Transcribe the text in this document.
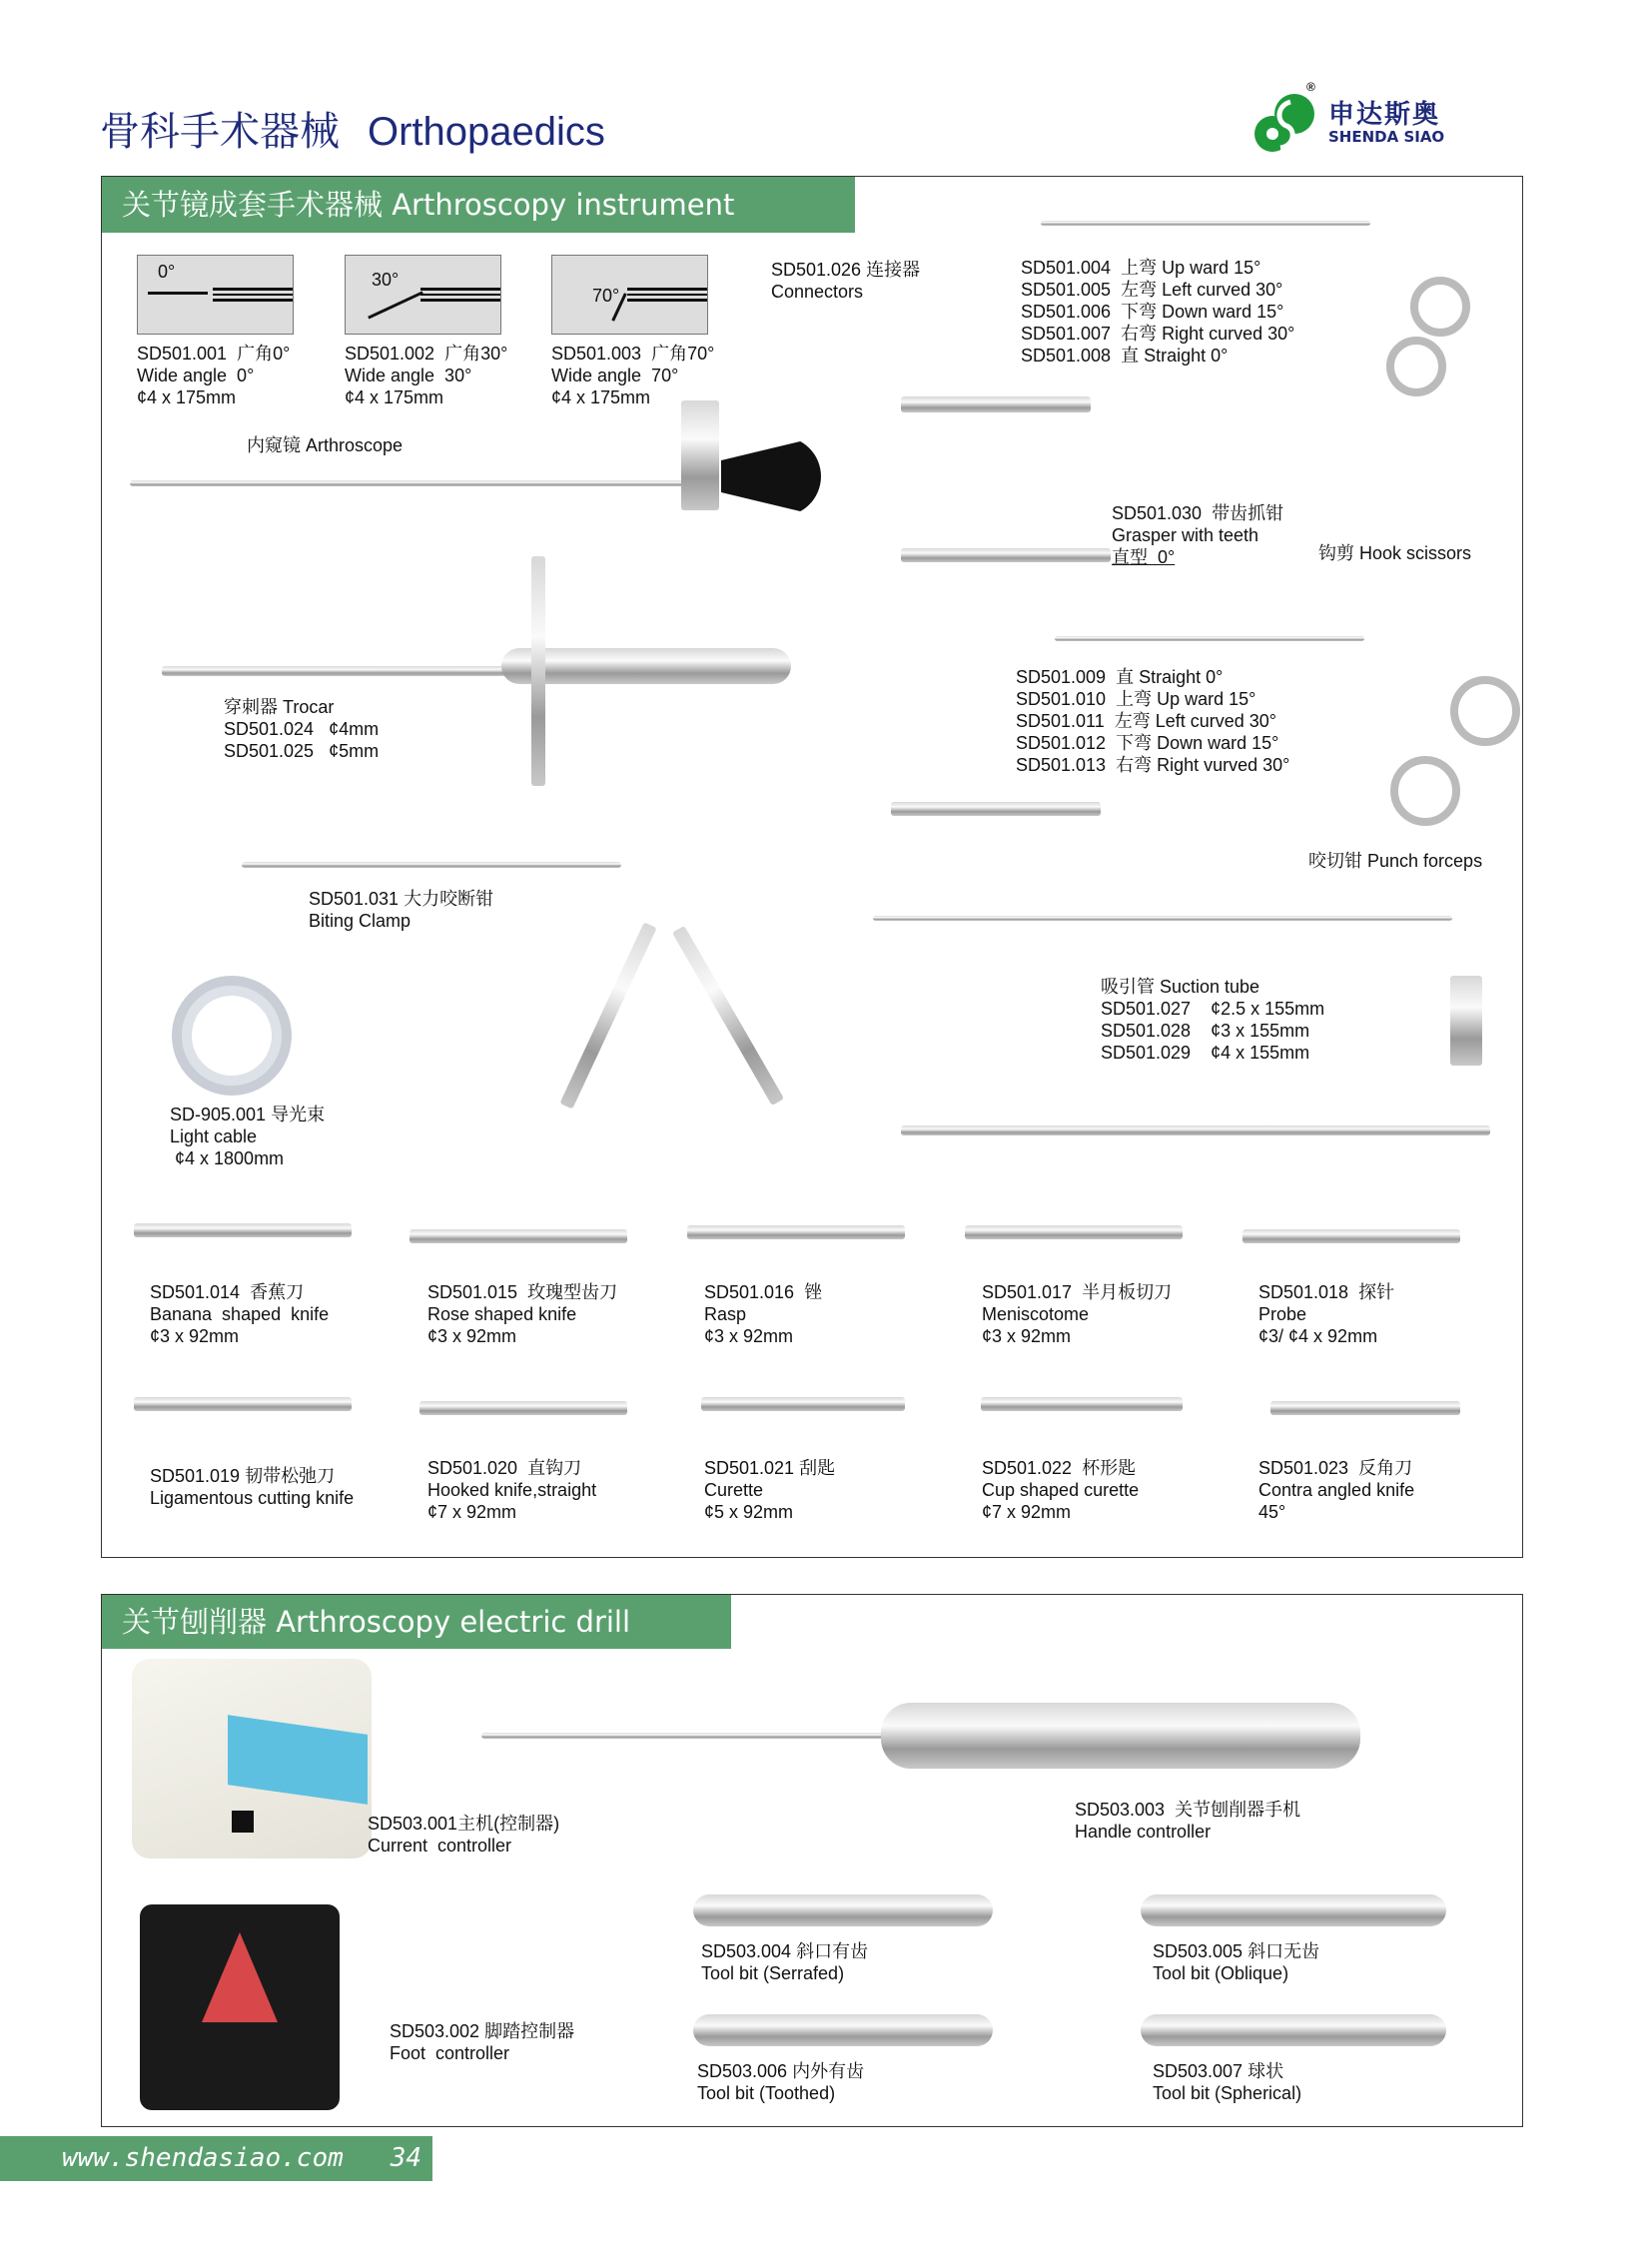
骨科手术器械 Orthopaedics
®
申达斯奥
SHENDA SIAO
关节镜成套手术器械 Arthroscopy instrument
0°	30°
70°
SD501.001  广角0°
Wide angle  0°
¢4 x 175mm
SD501.002  广角30°
Wide angle  30°
¢4 x 175mm
SD501.003  广角70°
Wide angle  70°
¢4 x 175mm
内窥镜 Arthroscope
SD501.026 连接器
Connectors
SD501.004  上弯 Up ward 15°
SD501.005  左弯 Left curved 30°
SD501.006  下弯 Down ward 15°
SD501.007  右弯 Right curved 30°
SD501.008  直 Straight 0°
SD501.030  带齿抓钳
Grasper with teeth
直型  0°	钩剪 Hook scissors
穿刺器 Trocar
SD501.024   ¢4mm
SD501.025   ¢5mm
SD501.009  直 Straight 0°
SD501.010  上弯 Up ward 15°
SD501.011  左弯 Left curved 30°
SD501.012  下弯 Down ward 15°
SD501.013  右弯 Right vurved 30°
咬切钳 Punch forceps
SD501.031 大力咬断钳
Biting Clamp
吸引管 Suction tube
SD501.027    ¢2.5 x 155mm
SD501.028    ¢3 x 155mm
SD501.029    ¢4 x 155mm
SD-905.001 导光束
Light cable
¢4 x 1800mm
SD501.014  香蕉刀
Banana  shaped  knife
¢3 x 92mm
SD501.015  玫瑰型齿刀
Rose shaped knife
¢3 x 92mm
SD501.016  锉
Rasp
¢3 x 92mm
SD501.017  半月板切刀
Meniscotome
¢3 x 92mm
SD501.018  探针
Probe
¢3/ ¢4 x 92mm
SD501.019 韧带松弛刀
Ligamentous cutting knife
SD501.020  直钩刀
Hooked knife,straight
¢7 x 92mm
SD501.021 刮匙
Curette
¢5 x 92mm
SD501.022  杯形匙
Cup shaped curette
¢7 x 92mm
SD501.023  反角刀
Contra angled knife
45°
关节刨削器 Arthroscopy electric drill
SD503.001主机(控制器)
Current  controller
SD503.003  关节刨削器手机
Handle controller
SD503.002 脚踏控制器
Foot  controller
SD503.004 斜口有齿
Tool bit (Serrafed)
SD503.005 斜口无齿
Tool bit (Oblique)
SD503.006 内外有齿
Tool bit (Toothed)
SD503.007 球状
Tool bit (Spherical)
www.shendasiao.com 34
